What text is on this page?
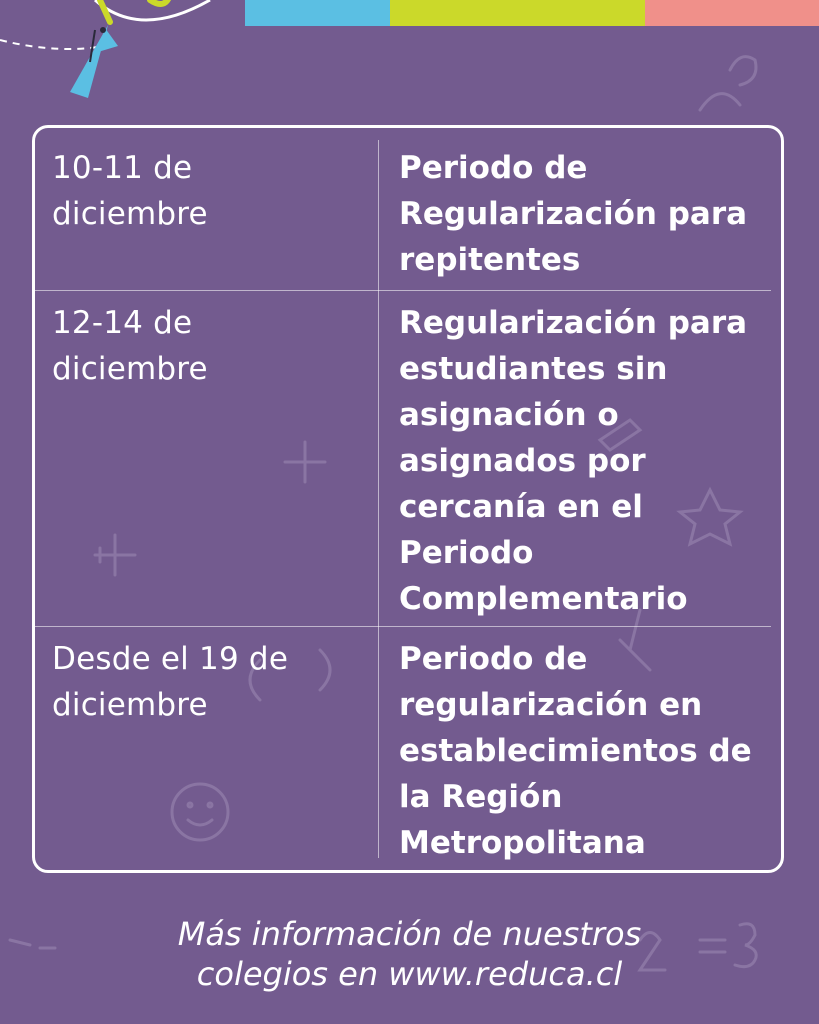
10-11 de diciembre
Periodo de Regularización para repitentes
12-14 de diciembre
Regularización para estudiantes sin asignación o asignados por cercanía en el Periodo Complementario
Desde el 19 de diciembre
Periodo de regularización en establecimientos de la Región Metropolitana
Más información de nuestros
colegios en www.reduca.cl
